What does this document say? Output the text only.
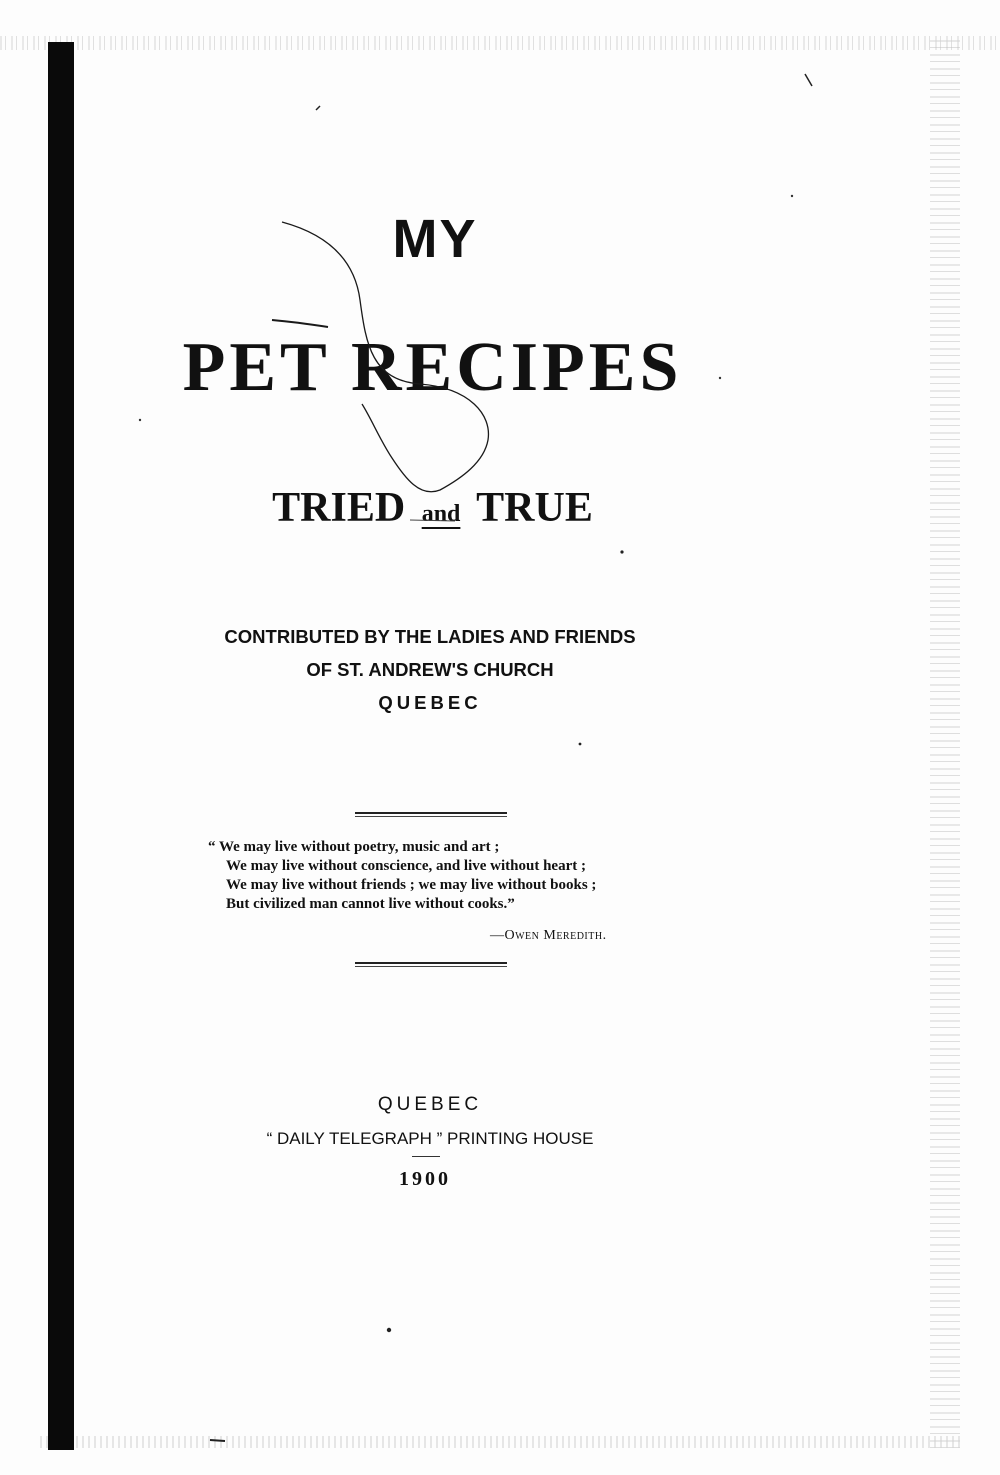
MY
PET RECIPES
TRIED and TRUE
CONTRIBUTED BY THE LADIES AND FRIENDS
OF ST. ANDREW'S CHURCH
QUEBEC
“ We may live without poetry, music and art ;
We may live without conscience, and live without heart ;
We may live without friends ; we may live without books ;
But civilized man cannot live without cooks.”
—Owen Meredith.
QUEBEC
“ DAILY TELEGRAPH ” PRINTING HOUSE
1900
